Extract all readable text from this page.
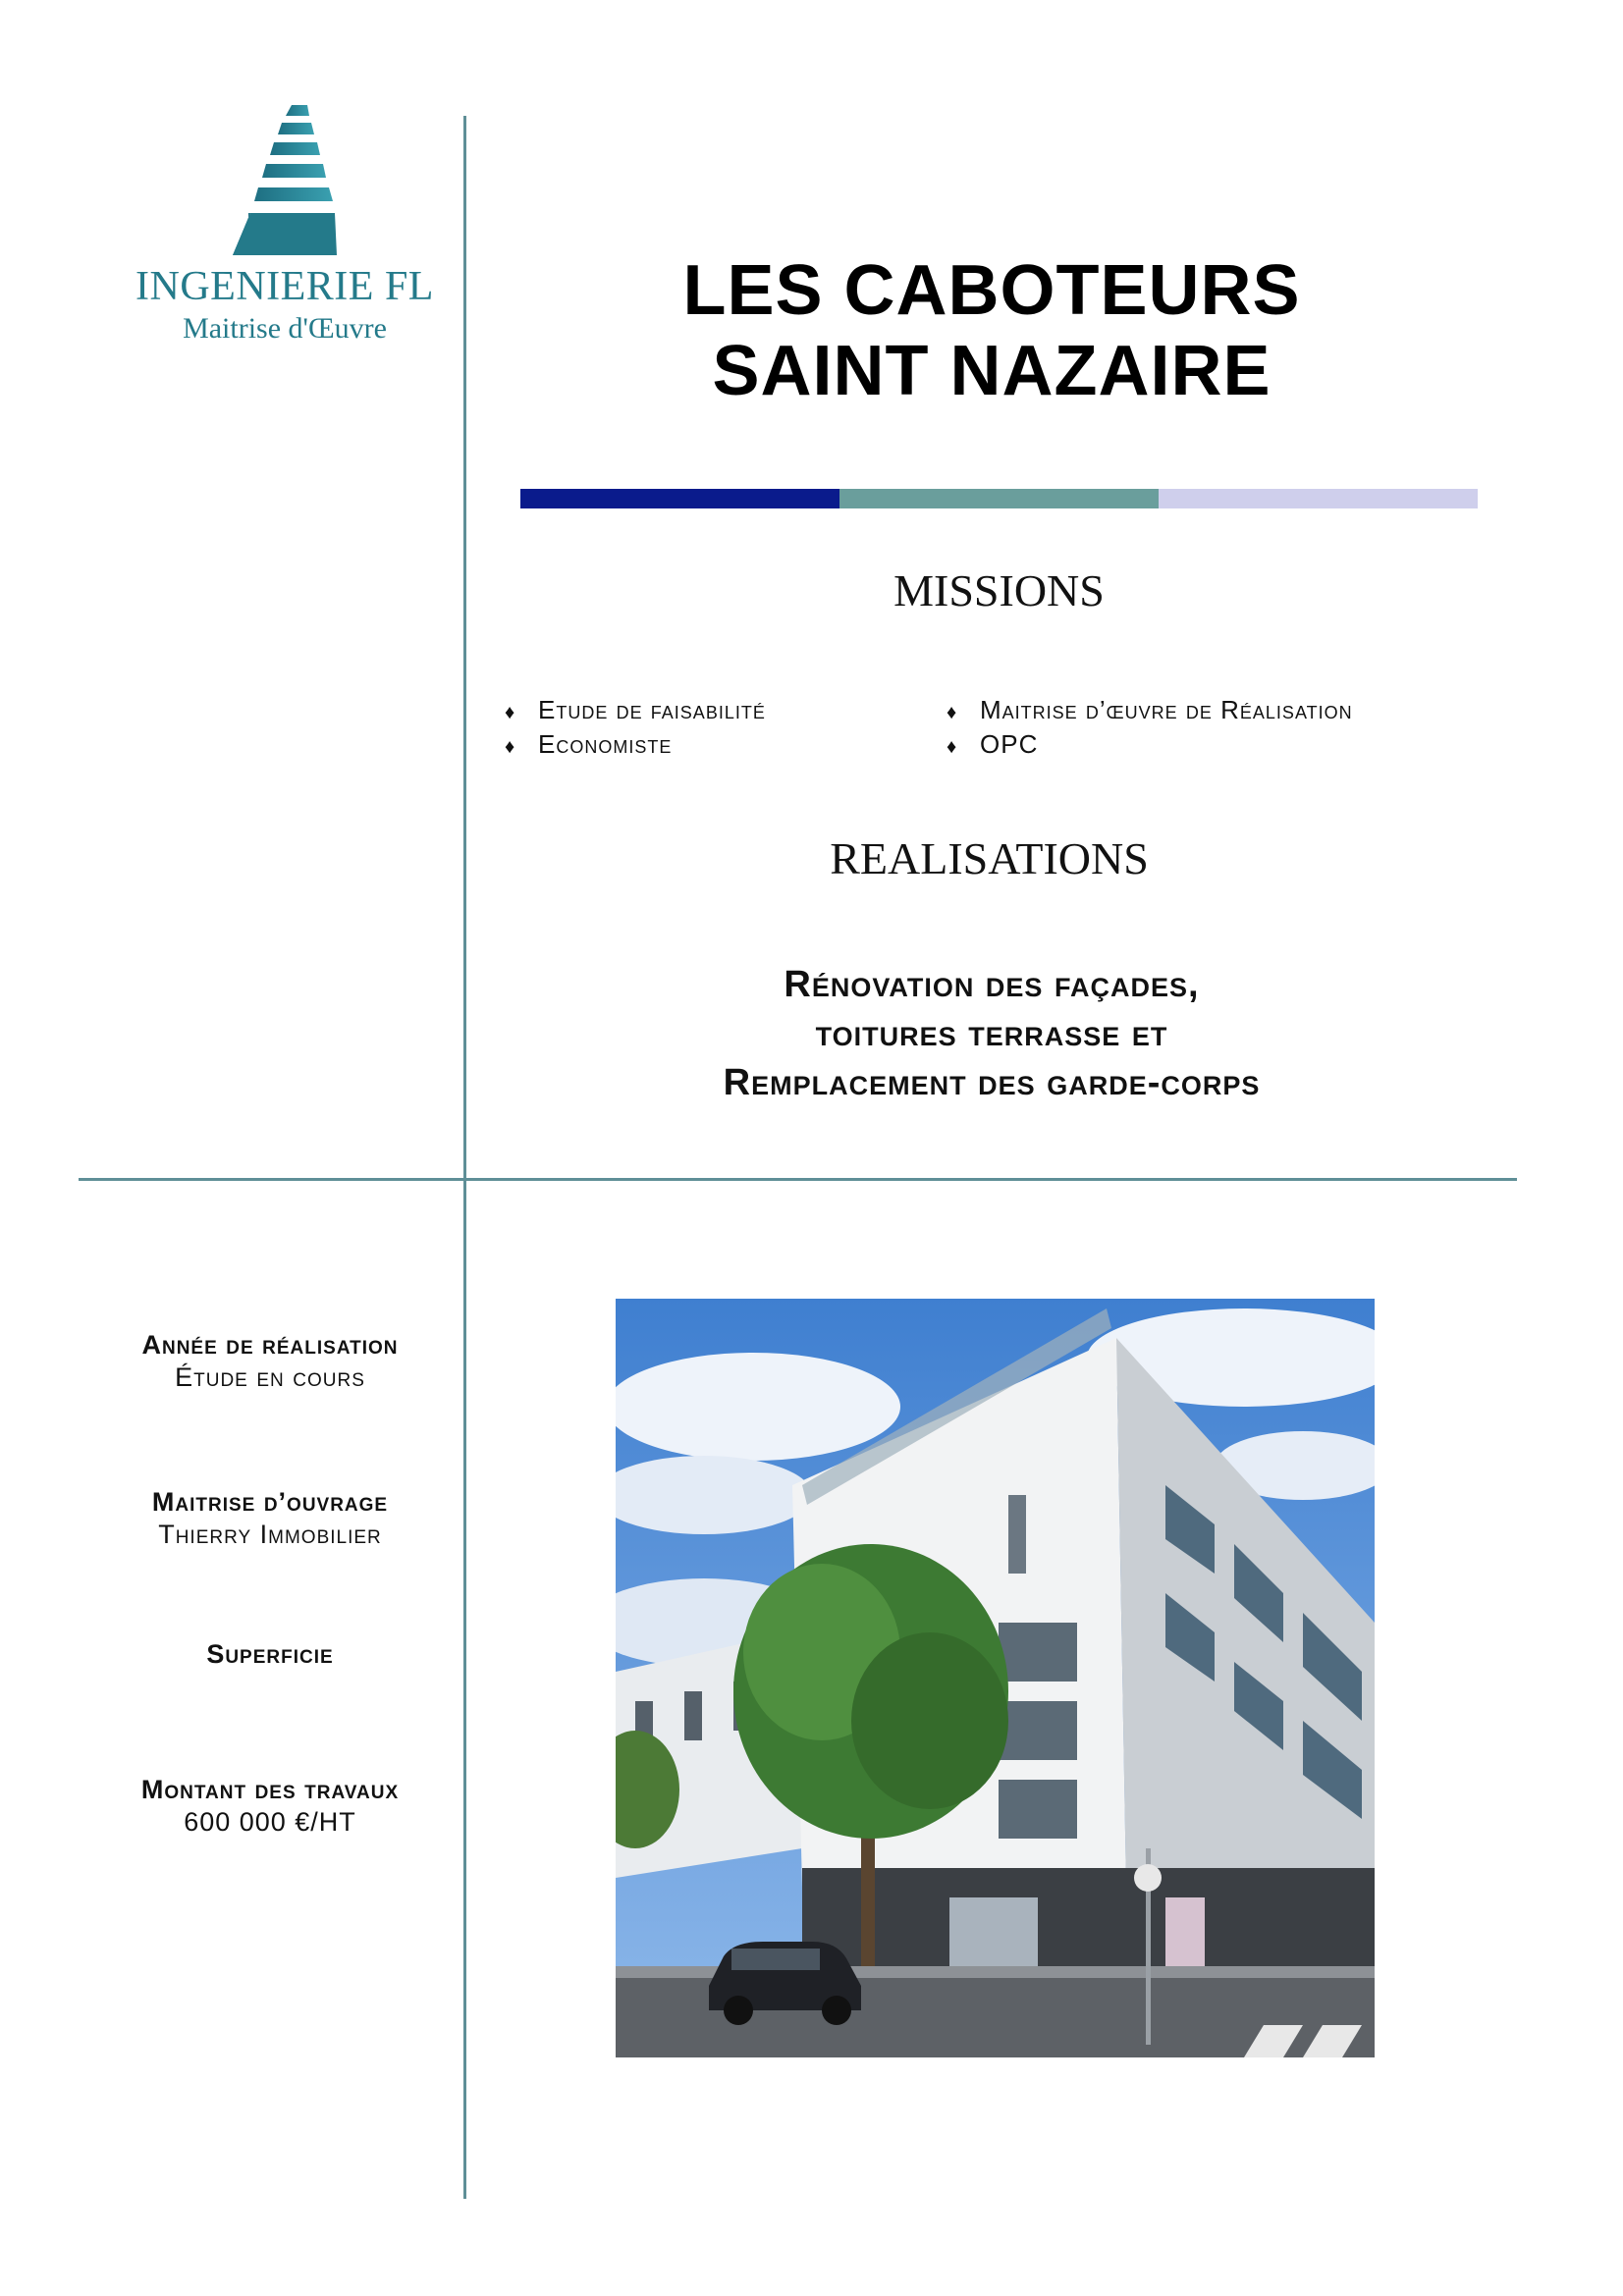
INGENIERIE FL
Maitrise d'Œuvre	LES CABOTEURS
SAINT NAZAIRE
MISSIONS
♦ Etude de faisabilité
♦ Economiste
♦ Maitrise d’œuvre de Réalisation
♦ OPC
REALISATIONS
Rénovation des façades,
toitures terrasse et
Remplacement des garde-corps
Année de réalisation
Étude en cours
Maitrise d’ouvrage
Thierry Immobilier
Superficie
Montant des travaux
600 000 €/HT
